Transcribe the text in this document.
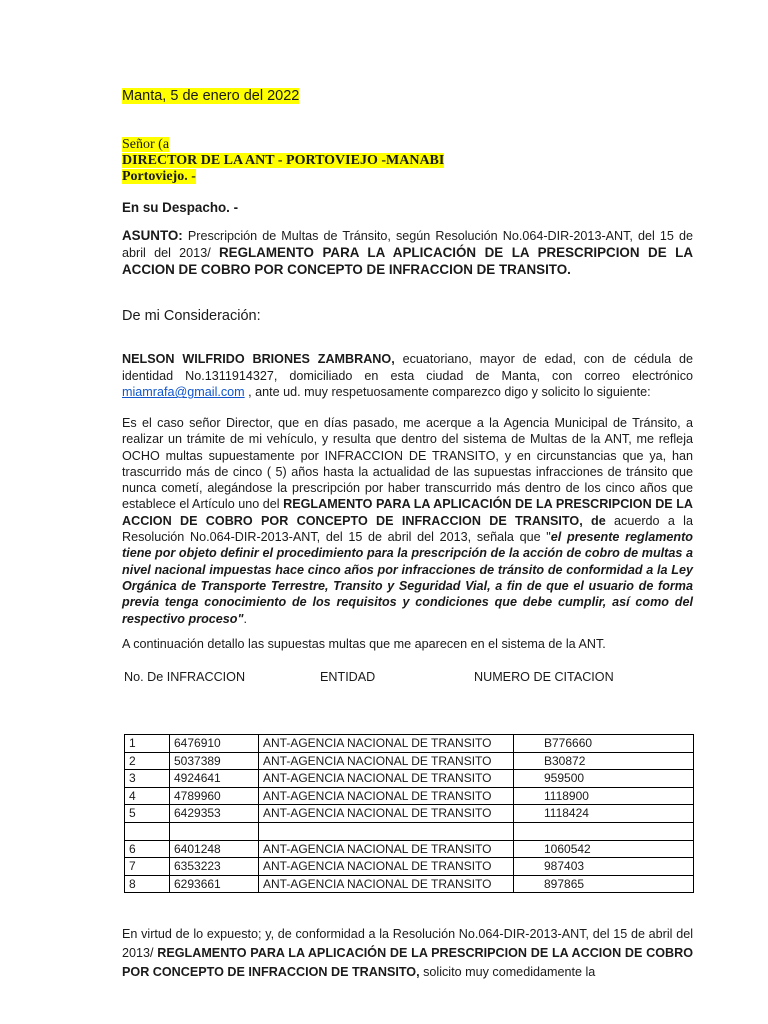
Manta, 5 de enero del 2022
Señor (a
DIRECTOR DE LA ANT - PORTOVIEJO -MANABI
Portoviejo. -
En su Despacho. -
ASUNTO: Prescripción de Multas de Tránsito, según Resolución No.064-DIR-2013-ANT, del 15 de abril del 2013/ REGLAMENTO PARA LA APLICACIÓN DE LA PRESCRIPCION DE LA ACCION DE COBRO POR CONCEPTO DE INFRACCION DE TRANSITO.
De mi Consideración:
NELSON WILFRIDO BRIONES ZAMBRANO, ecuatoriano, mayor de edad, con de cédula de identidad No.1311914327, domiciliado en esta ciudad de Manta, con correo electrónico miamrafa@gmail.com , ante ud. muy respetuosamente comparezco digo y solicito lo siguiente:
Es el caso señor Director, que en días pasado, me acerque a la Agencia Municipal de Tránsito, a realizar un trámite de mi vehículo, y resulta que dentro del sistema de Multas de la ANT, me refleja OCHO multas supuestamente por INFRACCION DE TRANSITO, y en circunstancias que ya, han trascurrido más de cinco ( 5) años hasta la actualidad de las supuestas infracciones de tránsito que nunca cometí, alegándose la prescripción por haber transcurrido más dentro de los cinco años que establece el Artículo uno del REGLAMENTO PARA LA APLICACIÓN DE LA PRESCRIPCION DE LA ACCION DE COBRO POR CONCEPTO DE INFRACCION DE TRANSITO, de acuerdo a la Resolución No.064-DIR-2013-ANT, del 15 de abril del 2013, señala que "el presente reglamento tiene por objeto definir el procedimiento para la prescripción de la acción de cobro de multas a nivel nacional impuestas hace cinco años por infracciones de tránsito de conformidad a la Ley Orgánica de Transporte Terrestre, Transito y Seguridad Vial, a fin de que el usuario de forma previa tenga conocimiento de los requisitos y condiciones que debe cumplir, así como del respectivo proceso".
A continuación detallo las supuestas multas que me aparecen en el sistema de la ANT.
No. De INFRACCION	ENTIDAD	NUMERO DE CITACION
1	6476910	ANT-AGENCIA NACIONAL DE TRANSITO	B776660
2	5037389	ANT-AGENCIA NACIONAL DE TRANSITO	B30872
3	4924641	ANT-AGENCIA NACIONAL DE TRANSITO	959500
4	4789960	ANT-AGENCIA NACIONAL DE TRANSITO	1118900
5	6429353	ANT-AGENCIA NACIONAL DE TRANSITO	1118424

6	6401248	ANT-AGENCIA NACIONAL DE TRANSITO	1060542
7	6353223	ANT-AGENCIA NACIONAL DE TRANSITO	987403
8	6293661	ANT-AGENCIA NACIONAL DE TRANSITO	897865
En virtud de lo expuesto; y, de conformidad a la Resolución No.064-DIR-2013-ANT, del 15 de abril del 2013/ REGLAMENTO PARA LA APLICACIÓN DE LA PRESCRIPCION DE LA ACCION DE COBRO POR CONCEPTO DE INFRACCION DE TRANSITO, solicito muy comedidamente la
